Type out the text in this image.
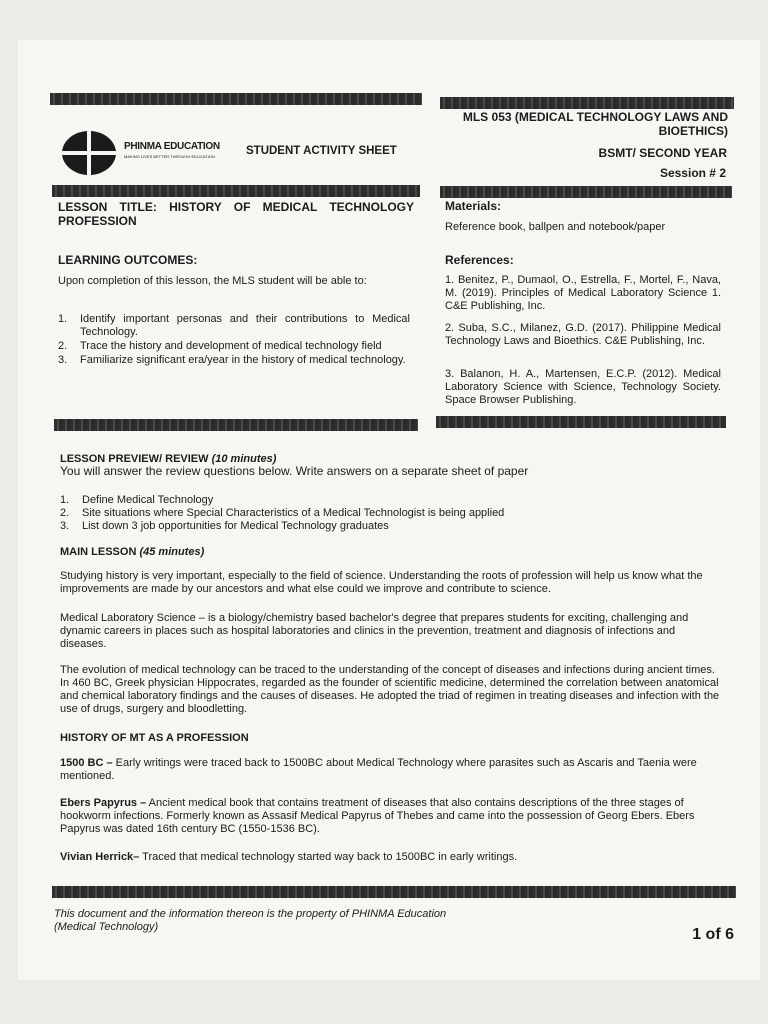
PHINMA EDUCATION
MAKING LIVES BETTER THROUGH EDUCATION	STUDENT ACTIVITY SHEET
MLS 053 (MEDICAL TECHNOLOGY LAWS AND BIOETHICS)
BSMT/ SECOND YEAR
Session # 2
LESSON TITLE: HISTORY OF MEDICAL TECHNOLOGY PROFESSION
LEARNING OUTCOMES:
Upon completion of this lesson, the MLS student will be able to:
1. Identify important personas and their contributions to Medical Technology.
2. Trace the history and development of medical technology field
3. Familiarize significant era/year in the history of medical technology.
Materials:
Reference book, ballpen and notebook/paper
References:
1. Benitez, P., Dumaol, O., Estrella, F., Mortel, F., Nava, M. (2019). Principles of Medical Laboratory Science 1. C&E Publishing, Inc.
2. Suba, S.C., Milanez, G.D. (2017). Philippine Medical Technology Laws and Bioethics. C&E Publishing, Inc.
3. Balanon, H. A., Martensen, E.C.P. (2012). Medical Laboratory Science with Science, Technology Society. Space Browser Publishing.
LESSON PREVIEW/ REVIEW (10 minutes)
You will answer the review questions below. Write answers on a separate sheet of paper
1. Define Medical Technology
2. Site situations where Special Characteristics of a Medical Technologist is being applied
3. List down 3 job opportunities for Medical Technology graduates
MAIN LESSON (45 minutes)
Studying history is very important, especially to the field of science. Understanding the roots of profession will help us know what the improvements are made by our ancestors and what else could we improve and contribute to science.
Medical Laboratory Science – is a biology/chemistry based bachelor's degree that prepares students for exciting, challenging and dynamic careers in places such as hospital laboratories and clinics in the prevention, treatment and diagnosis of infections and diseases.
The evolution of medical technology can be traced to the understanding of the concept of diseases and infections during ancient times. In 460 BC, Greek physician Hippocrates, regarded as the founder of scientific medicine, determined the correlation between anatomical and chemical laboratory findings and the causes of diseases. He adopted the triad of regimen in treating diseases and infection with the use of drugs, surgery and bloodletting.
HISTORY OF MT AS A PROFESSION
1500 BC – Early writings were traced back to 1500BC about Medical Technology where parasites such as Ascaris and Taenia were mentioned.
Ebers Papyrus – Ancient medical book that contains treatment of diseases that also contains descriptions of the three stages of hookworm infections. Formerly known as Assasif Medical Papyrus of Thebes and came into the possession of Georg Ebers. Ebers Papyrus was dated 16th century BC (1550-1536 BC).
Vivian Herrick– Traced that medical technology started way back to 1500BC in early writings.
This document and the information thereon is the property of PHINMA Education (Medical Technology)	1 of 6
